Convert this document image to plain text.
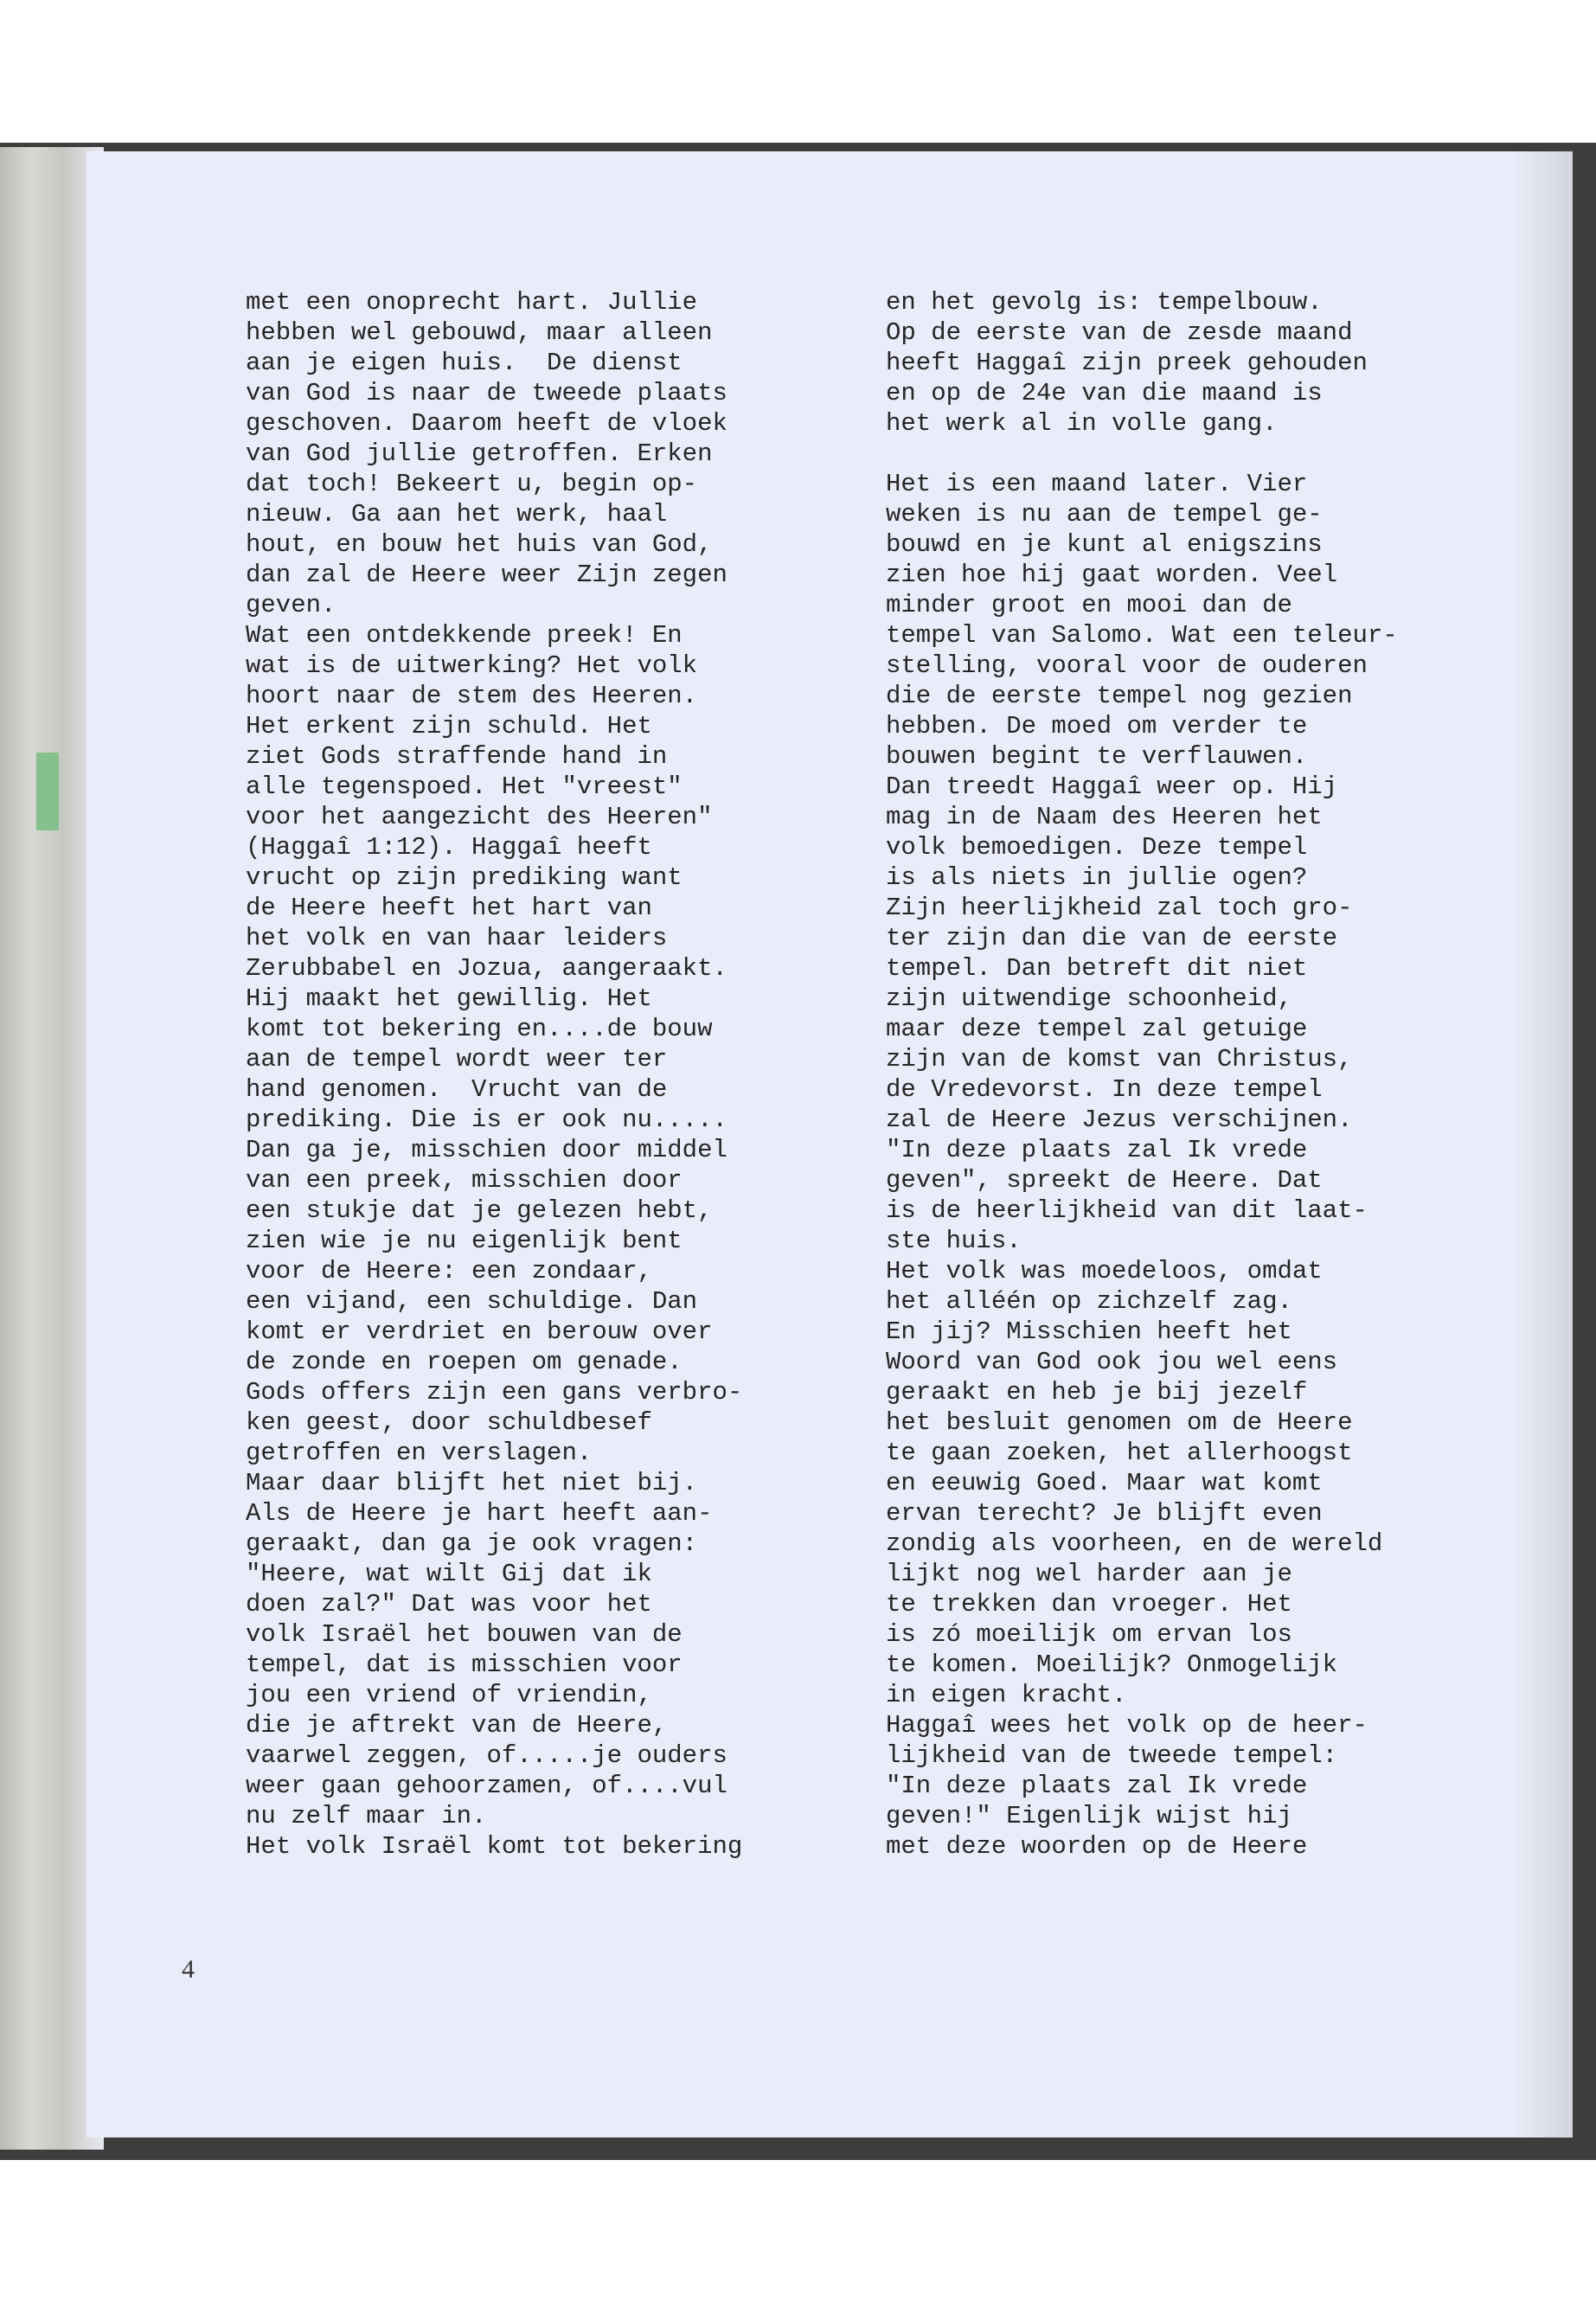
met een onoprecht hart. Jullie
hebben wel gebouwd, maar alleen
aan je eigen huis.  De dienst
van God is naar de tweede plaats
geschoven. Daarom heeft de vloek
van God jullie getroffen. Erken
dat toch! Bekeert u, begin op-
nieuw. Ga aan het werk, haal
hout, en bouw het huis van God,
dan zal de Heere weer Zijn zegen
geven.
Wat een ontdekkende preek! En
wat is de uitwerking? Het volk
hoort naar de stem des Heeren.
Het erkent zijn schuld. Het
ziet Gods straffende hand in
alle tegenspoed. Het "vreest"
voor het aangezicht des Heeren"
(Haggaî 1:12). Haggaî heeft
vrucht op zijn prediking want
de Heere heeft het hart van
het volk en van haar leiders
Zerubbabel en Jozua, aangeraakt.
Hij maakt het gewillig. Het
komt tot bekering en....de bouw
aan de tempel wordt weer ter
hand genomen.  Vrucht van de
prediking. Die is er ook nu.....
Dan ga je, misschien door middel
van een preek, misschien door
een stukje dat je gelezen hebt,
zien wie je nu eigenlijk bent
voor de Heere: een zondaar,
een vijand, een schuldige. Dan
komt er verdriet en berouw over
de zonde en roepen om genade.
Gods offers zijn een gans verbro-
ken geest, door schuldbesef
getroffen en verslagen.
Maar daar blijft het niet bij.
Als de Heere je hart heeft aan-
geraakt, dan ga je ook vragen:
"Heere, wat wilt Gij dat ik
doen zal?" Dat was voor het
volk Israël het bouwen van de
tempel, dat is misschien voor
jou een vriend of vriendin,
die je aftrekt van de Heere,
vaarwel zeggen, of.....je ouders
weer gaan gehoorzamen, of....vul
nu zelf maar in.
Het volk Israël komt tot bekering
en het gevolg is: tempelbouw.
Op de eerste van de zesde maand
heeft Haggaî zijn preek gehouden
en op de 24e van die maand is
het werk al in volle gang.
Het is een maand later. Vier
weken is nu aan de tempel ge-
bouwd en je kunt al enigszins
zien hoe hij gaat worden. Veel
minder groot en mooi dan de
tempel van Salomo. Wat een teleur-
stelling, vooral voor de ouderen
die de eerste tempel nog gezien
hebben. De moed om verder te
bouwen begint te verflauwen.
Dan treedt Haggaî weer op. Hij
mag in de Naam des Heeren het
volk bemoedigen. Deze tempel
is als niets in jullie ogen?
Zijn heerlijkheid zal toch gro-
ter zijn dan die van de eerste
tempel. Dan betreft dit niet
zijn uitwendige schoonheid,
maar deze tempel zal getuige
zijn van de komst van Christus,
de Vredevorst. In deze tempel
zal de Heere Jezus verschijnen.
"In deze plaats zal Ik vrede
geven", spreekt de Heere. Dat
is de heerlijkheid van dit laat-
ste huis.
Het volk was moedeloos, omdat
het alléén op zichzelf zag.
En jij? Misschien heeft het
Woord van God ook jou wel eens
geraakt en heb je bij jezelf
het besluit genomen om de Heere
te gaan zoeken, het allerhoogst
en eeuwig Goed. Maar wat komt
ervan terecht? Je blijft even
zondig als voorheen, en de wereld
lijkt nog wel harder aan je
te trekken dan vroeger. Het
is zó moeilijk om ervan los
te komen. Moeilijk? Onmogelijk
in eigen kracht.
Haggaî wees het volk op de heer-
lijkheid van de tweede tempel:
"In deze plaats zal Ik vrede
geven!" Eigenlijk wijst hij
met deze woorden op de Heere
4
